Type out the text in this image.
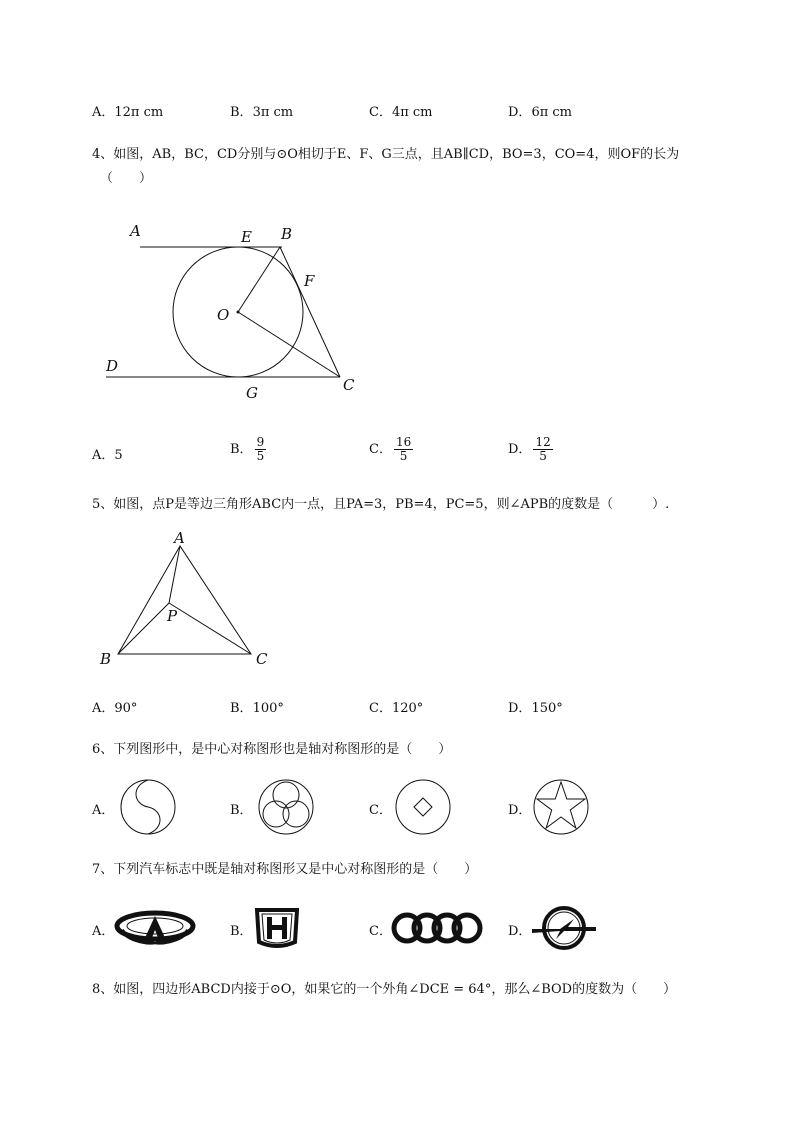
A．12π cm	B．3π cm	C．4π cm	D．6π cm
4、如图，AB，BC，CD分别与⊙O相切于E、F、G三点，且AB∥CD，BO=3，CO=4，则OF的长为
（　　）
A	E B
F
O
D
G	C
A．5	B． $\frac{9}{5}$	C． $\frac{16}{5}$	D． $\frac{12}{5}$
5、如图，点P是等边三角形ABC内一点，且PA=3，PB=4，PC=5，则∠APB的度数是（　　　）.
A
P
B	C
A．90°	B．100°	C．120°	D．150°
6、下列图形中，是中心对称图形也是轴对称图形的是（　　）
A．	B．	C．	D．
7、下列汽车标志中既是轴对称图形又是中心对称图形的是（　　）
A．	B．	C．	D．
8、如图，四边形ABCD内接于⊙O，如果它的一个外角∠DCE = 64°，那么∠BOD的度数为（　　）
